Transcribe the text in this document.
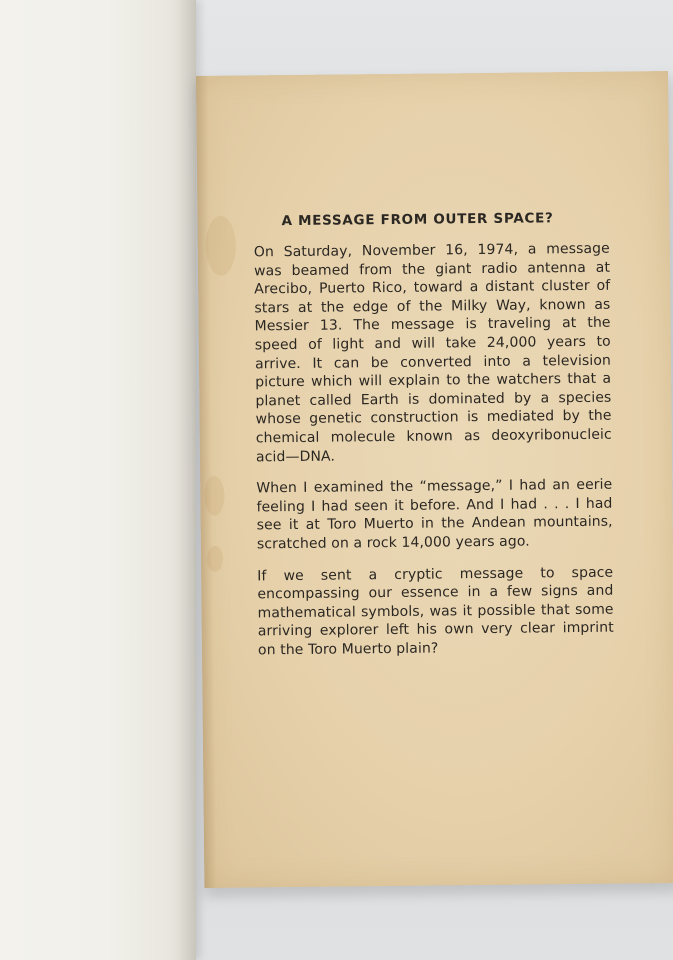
A MESSAGE FROM OUTER SPACE?

On Saturday, November 16, 1974, a message was beamed from the giant radio antenna at Arecibo, Puerto Rico, toward a distant cluster of stars at the edge of the Milky Way, known as Messier 13. The message is traveling at the speed of light and will take 24,000 years to arrive. It can be converted into a television picture which will explain to the watchers that a planet called Earth is dominated by a species whose genetic construction is mediated by the chemical molecule known as deoxyribonucleic acid—DNA.

When I examined the “message,” I had an eerie feeling I had seen it before. And I had . . . I had see it at Toro Muerto in the Andean mountains, scratched on a rock 14,000 years ago.

If we sent a cryptic message to space encompassing our essence in a few signs and mathematical symbols, was it possible that some arriving explorer left his own very clear imprint on the Toro Muerto plain?
